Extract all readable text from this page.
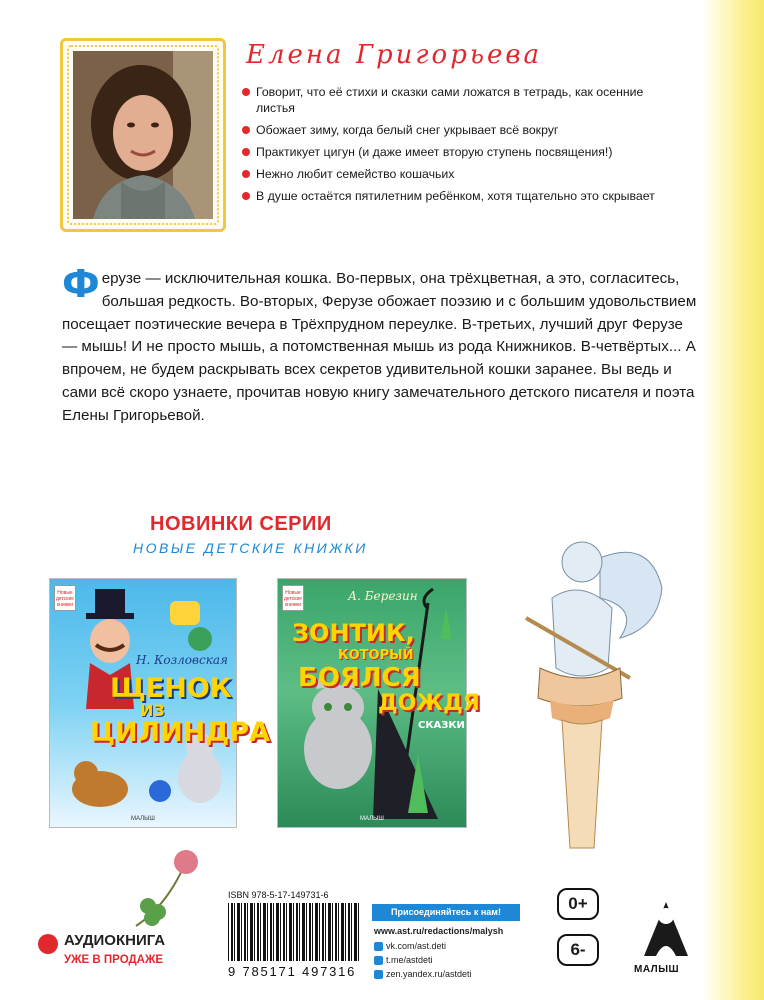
Елена Григорьева
Говорит, что её стихи и сказки сами ложатся в тетрадь, как осенние листья
Обожает зиму, когда белый снег укрывает всё вокруг
Практикует цигун (и даже имеет вторую ступень посвящения!)
Нежно любит семейство кошачьих
В душе остаётся пятилетним ребёнком, хотя тщательно это скрывает
Ферузе — исключительная кошка. Во-первых, она трёхцветная, а это, согласитесь, большая редкость. Во-вторых, Ферузе обожает поэзию и с большим удовольствием посещает поэтические вечера в Трёхпрудном переулке. В-третьих, лучший друг Ферузе — мышь! И не просто мышь, а потомственная мышь из рода Книжников. В-четвёртых... А впрочем, не будем раскрывать всех секретов удивительной кошки заранее. Вы ведь и сами всё скоро узнаете, прочитав новую книгу замечательного детского писателя и поэта Елены Григорьевой.
НОВИНКИ СЕРИИ
НОВЫЕ ДЕТСКИЕ КНИЖКИ
Новые детские книжки
Н. Козловская
ЩЕНОК
ИЗ
ЦИЛИНДРА
МАЛЫШ
Новые детские книжки
А. Березин
ЗОНТИК,
КОТОРЫЙ
БОЯЛСЯ
ДОЖДЯ
СКАЗКИ
МАЛЫШ
АУДИОКНИГА
УЖЕ В ПРОДАЖЕ
ISBN 978-5-17-149731-6
9 785171 497316
Присоединяйтесь к нам!
www.ast.ru/redactions/malysh
vk.com/ast.deti
t.me/astdeti
zen.yandex.ru/astdeti
0+
6-
МАЛЫШ
